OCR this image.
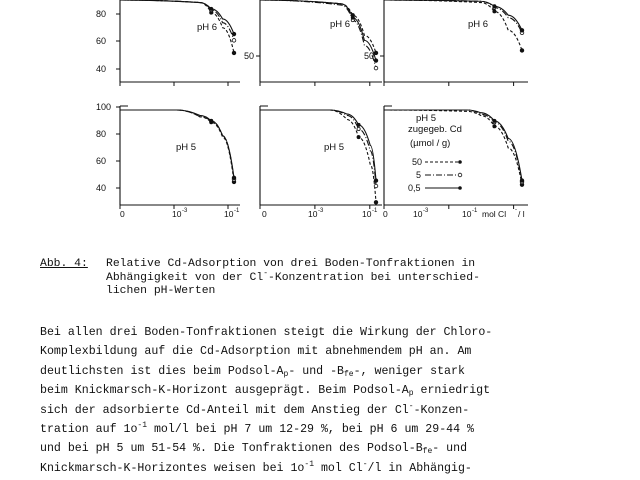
80
60
40
pH 6
50
pH 6
50
pH 6
100
80
60
40
pH 5	pH 5
pH 5
zugegeb. Cd
(µmol / g)
50
5
0,5
0	10 -3	10 -1	0	10 -3	10 -1 0	10 -3	10 -1 mol Cl - / l
Abb. 4:	Relative Cd-Adsorption von drei Boden-Tonfraktionen in
Abhängigkeit von der Cl--Konzentration bei unterschied-
lichen pH-Werten
Bei allen drei Boden-Tonfraktionen steigt die Wirkung der Chloro-
Komplexbildung auf die Cd-Adsorption mit abnehmendem pH an. Am
deutlichsten ist dies beim Podsol-$A_p-$ und $-B_{fe}-$, weniger stark
beim Knickmarsch-K-Horizont ausgeprägt. Beim Podsol-$A_p$ erniedrigt
sich der adsorbierte Cd-Anteil mit dem Anstieg der Cl--Konzen-
tration auf $1o^{-1}$ mol/l bei pH 7 um 12-29 %, bei pH 6 um 29-44 %
und bei pH 5 um 51-54 %. Die Tonfraktionen des Podsol-$B_{fe}-$ und
Knickmarsch-K-Horizontes weisen bei $1o^{-1}$ mol Cl-/l in Abhängig-
